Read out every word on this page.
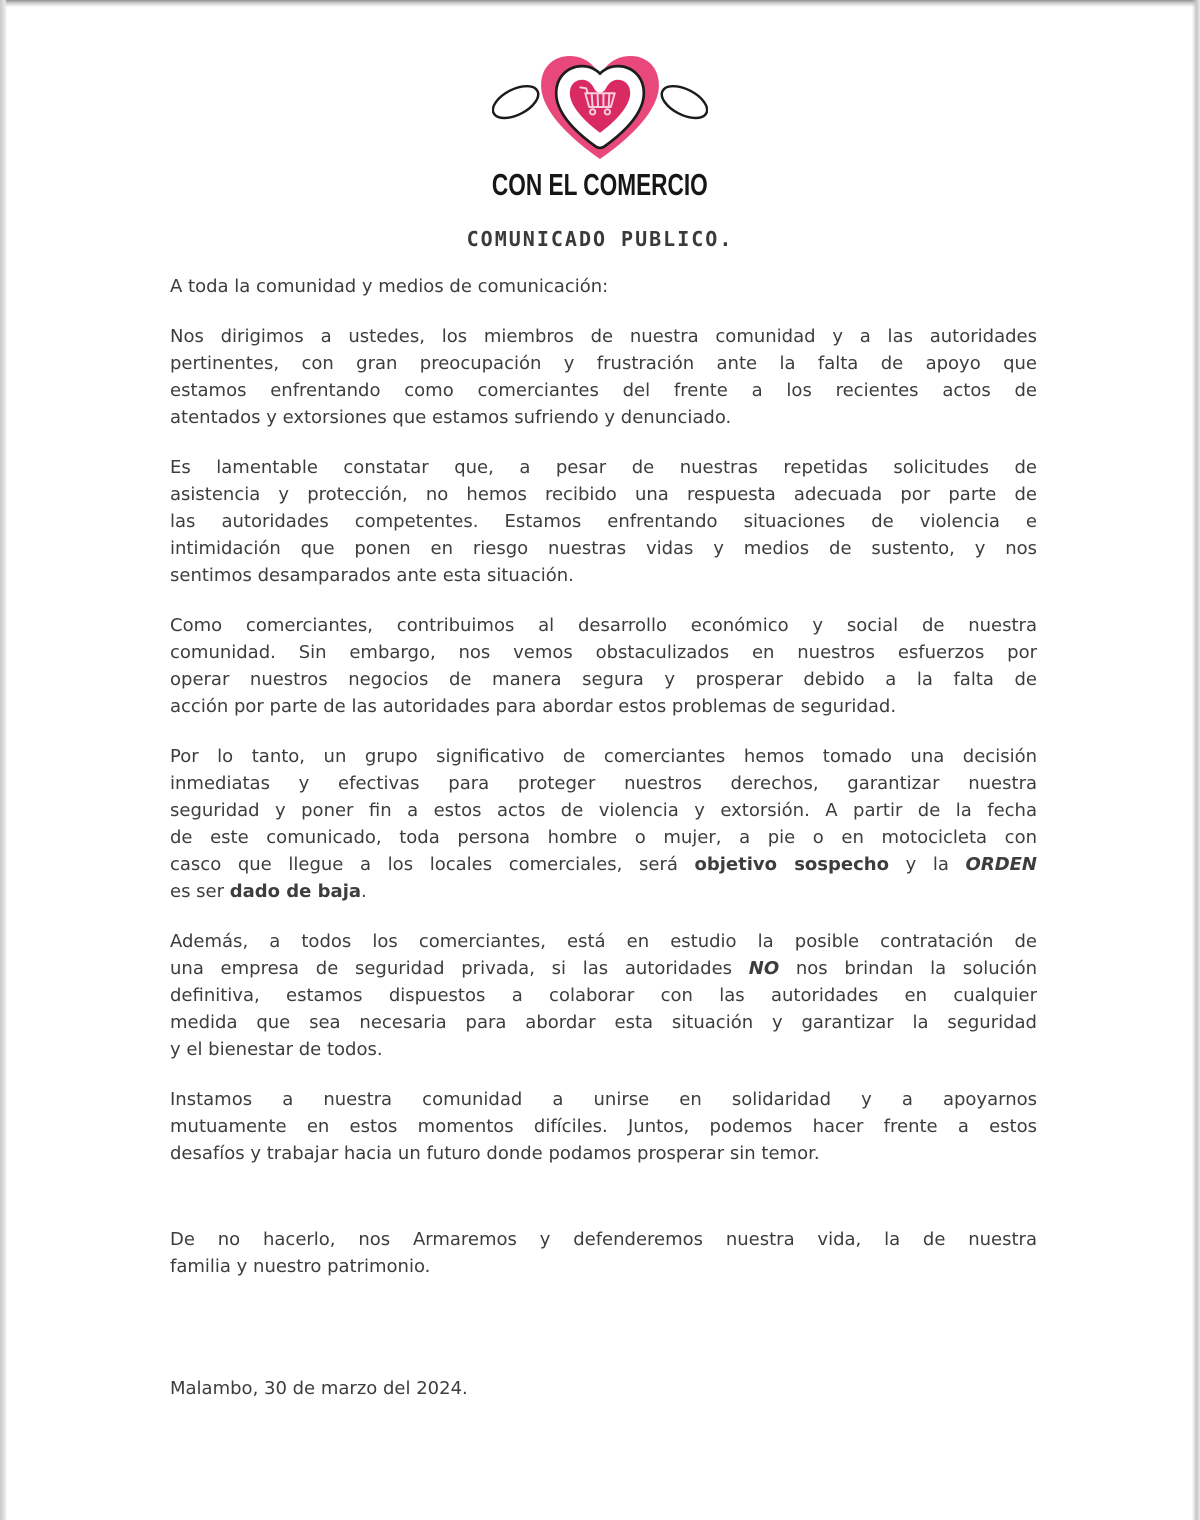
CON EL COMERCIO
COMUNICADO PUBLICO.
A toda la comunidad y medios de comunicación:
Nos dirigimos a ustedes, los miembros de nuestra comunidad y a las autoridades
pertinentes, con gran preocupación y frustración ante la falta de apoyo que
estamos enfrentando como comerciantes del frente a los recientes actos de
atentados y extorsiones que estamos sufriendo y denunciado.
Es lamentable constatar que, a pesar de nuestras repetidas solicitudes de
asistencia y protección, no hemos recibido una respuesta adecuada por parte de
las autoridades competentes. Estamos enfrentando situaciones de violencia e
intimidación que ponen en riesgo nuestras vidas y medios de sustento, y nos
sentimos desamparados ante esta situación.
Como comerciantes, contribuimos al desarrollo económico y social de nuestra
comunidad. Sin embargo, nos vemos obstaculizados en nuestros esfuerzos por
operar nuestros negocios de manera segura y prosperar debido a la falta de
acción por parte de las autoridades para abordar estos problemas de seguridad.
Por lo tanto, un grupo significativo de comerciantes hemos tomado una decisión
inmediatas y efectivas para proteger nuestros derechos, garantizar nuestra
seguridad y poner fin a estos actos de violencia y extorsión. A partir de la fecha
de este comunicado, toda persona hombre o mujer, a pie o en motocicleta con
casco que llegue a los locales comerciales, será objetivo sospecho y la ORDEN
es ser dado de baja.
Además, a todos los comerciantes, está en estudio la posible contratación de
una empresa de seguridad privada, si las autoridades NO nos brindan la solución
definitiva, estamos dispuestos a colaborar con las autoridades en cualquier
medida que sea necesaria para abordar esta situación y garantizar la seguridad
y el bienestar de todos.
Instamos a nuestra comunidad a unirse en solidaridad y a apoyarnos
mutuamente en estos momentos difíciles. Juntos, podemos hacer frente a estos
desafíos y trabajar hacia un futuro donde podamos prosperar sin temor.
De no hacerlo, nos Armaremos y defenderemos nuestra vida, la de nuestra
familia y nuestro patrimonio.
Malambo, 30 de marzo del 2024.
